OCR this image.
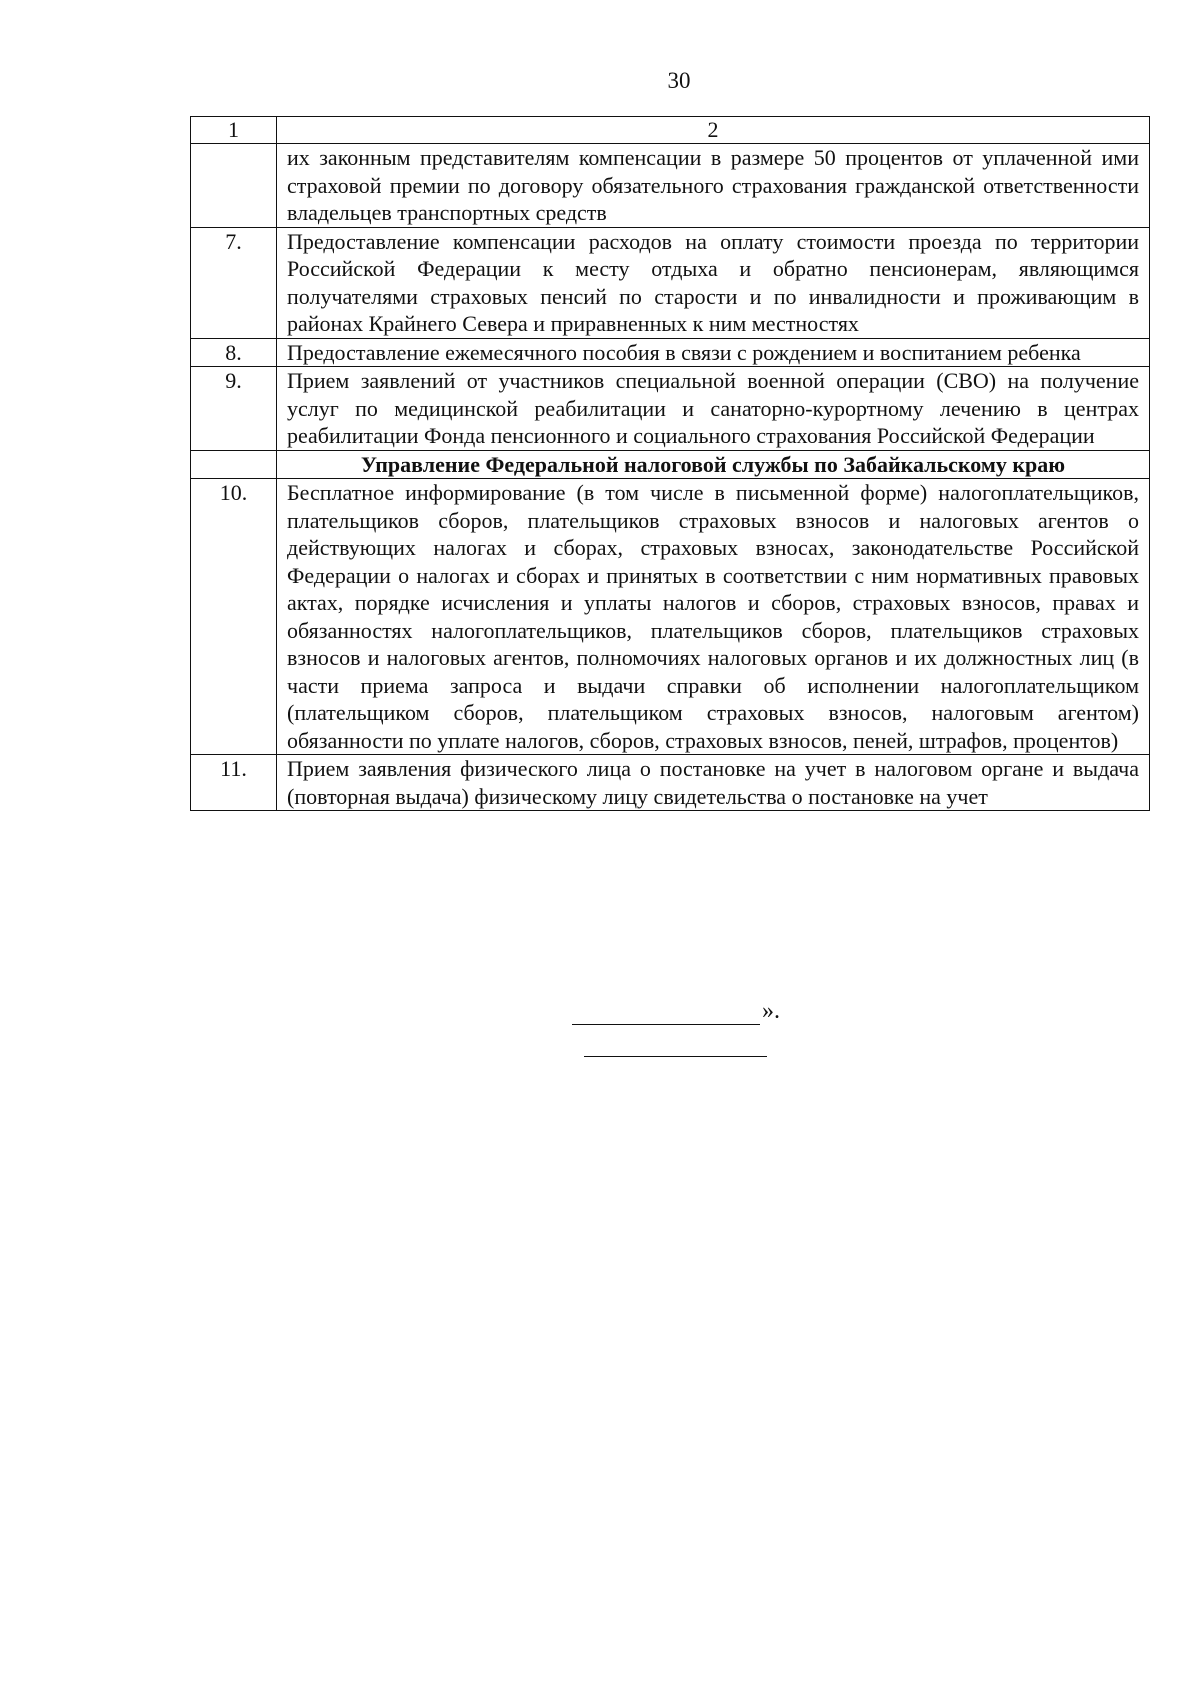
30
1	2
	их законным представителям компенсации в размере 50 процентов от уплаченной ими страховой премии по договору обязательного страхования гражданской ответственности владельцев транспортных средств
7.	Предоставление компенсации расходов на оплату стоимости проезда по территории Российской Федерации к месту отдыха и обратно пенсионерам, являющимся получателями страховых пенсий по старости и по инвалидности и проживающим в районах Крайнего Севера и приравненных к ним местностях
8.	Предоставление ежемесячного пособия в связи с рождением и воспитанием ребенка
9.	Прием заявлений от участников специальной военной операции (СВО) на получение услуг по медицинской реабилитации и санаторно-курортному лечению в центрах реабилитации Фонда пенсионного и социального страхования Российской Федерации
	Управление Федеральной налоговой службы по Забайкальскому краю
10.	Бесплатное информирование (в том числе в письменной форме) налогоплательщиков, плательщиков сборов, плательщиков страховых взносов и налоговых агентов о действующих налогах и сборах, страховых взносах, законодательстве Российской Федерации о налогах и сборах и принятых в соответствии с ним нормативных правовых актах, порядке исчисления и уплаты налогов и сборов, страховых взносов, правах и обязанностях налогоплательщиков, плательщиков сборов, плательщиков страховых взносов и налоговых агентов, полномочиях налоговых органов и их должностных лиц (в части приема запроса и выдачи справки об исполнении налогоплательщиком (плательщиком сборов, плательщиком страховых взносов, налоговым агентом) обязанности по уплате налогов, сборов, страховых взносов, пеней, штрафов, процентов)
11.	Прием заявления физического лица о постановке на учет в налоговом органе и выдача (повторная выдача) физическому лицу свидетельства о постановке на учет
».
